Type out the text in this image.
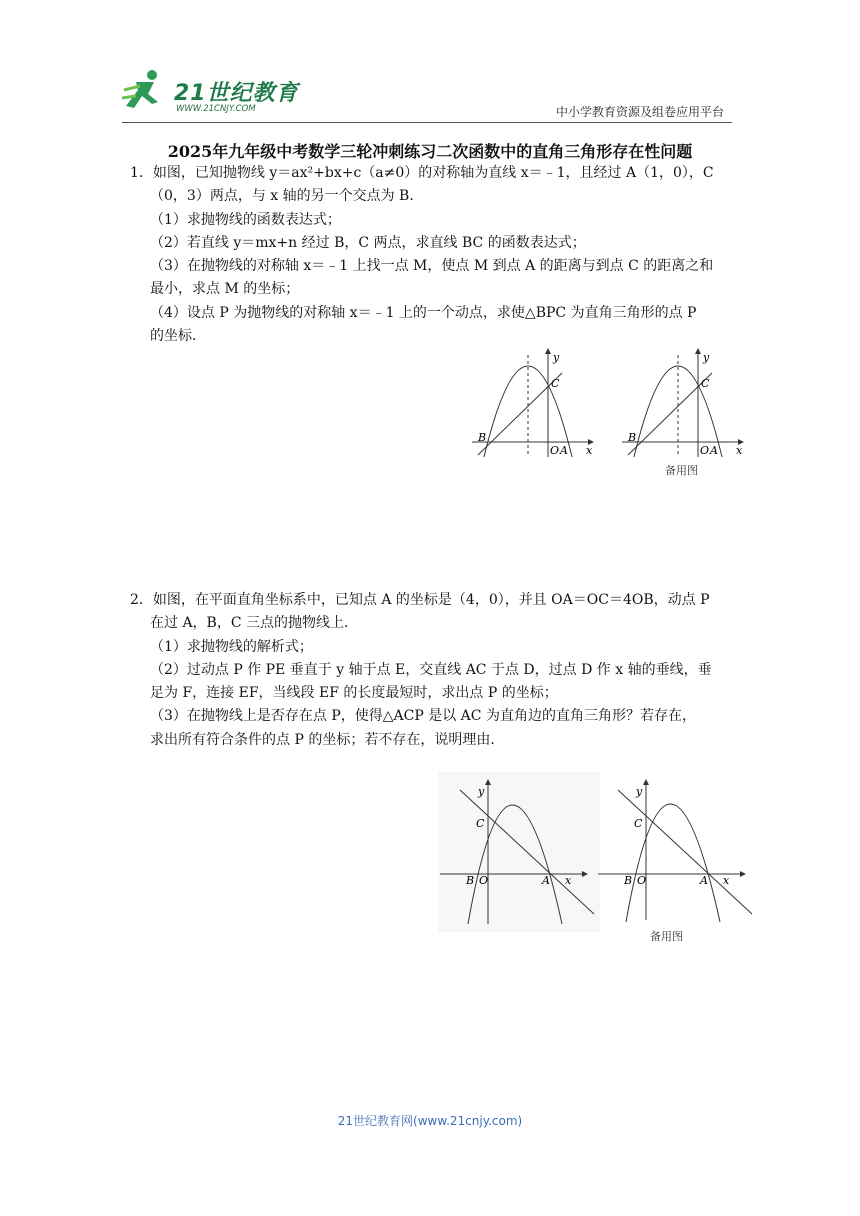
21世纪教育
WWW.21CNJY.COM	中小学教育资源及组卷应用平台
2025年九年级中考数学三轮冲刺练习二次函数中的直角三角形存在性问题

1．如图，已知抛物线 y＝ax²+bx+c（a≠0）的对称轴为直线 x＝﹣1，且经过 A（1，0），C

（0，3）两点，与 x 轴的另一个交点为 B．

（1）求抛物线的函数表达式；

（2）若直线 y＝mx+n 经过 B，C 两点，求直线 BC 的函数表达式；

（3）在抛物线的对称轴 x＝﹣1 上找一点 M，使点 M 到点 A 的距离与到点 C 的距离之和

最小，求点 M 的坐标；

（4）设点 P 为抛物线的对称轴 x＝﹣1 上的一个动点，求使△BPC 为直角三角形的点 P

的坐标．

y
x
B
C
O A
y
x
B
C
O A
备用图

2．如图，在平面直角坐标系中，已知点 A 的坐标是（4，0），并且 OA＝OC＝4OB，动点 P

在过 A，B，C 三点的抛物线上．

（1）求抛物线的解析式；

（2）过动点 P 作 PE 垂直于 y 轴于点 E，交直线 AC 于点 D，过点 D 作 x 轴的垂线，垂

足为 F，连接 EF，当线段 EF 的长度最短时，求出点 P 的坐标；

（3）在抛物线上是否存在点 P，使得△ACP 是以 AC 为直角边的直角三角形？若存在，

求出所有符合条件的点 P 的坐标；若不存在，说明理由．

y
x
C
B O	A
y
x
C
B O	A
备用图
21世纪教育网(www.21cnjy.com)
